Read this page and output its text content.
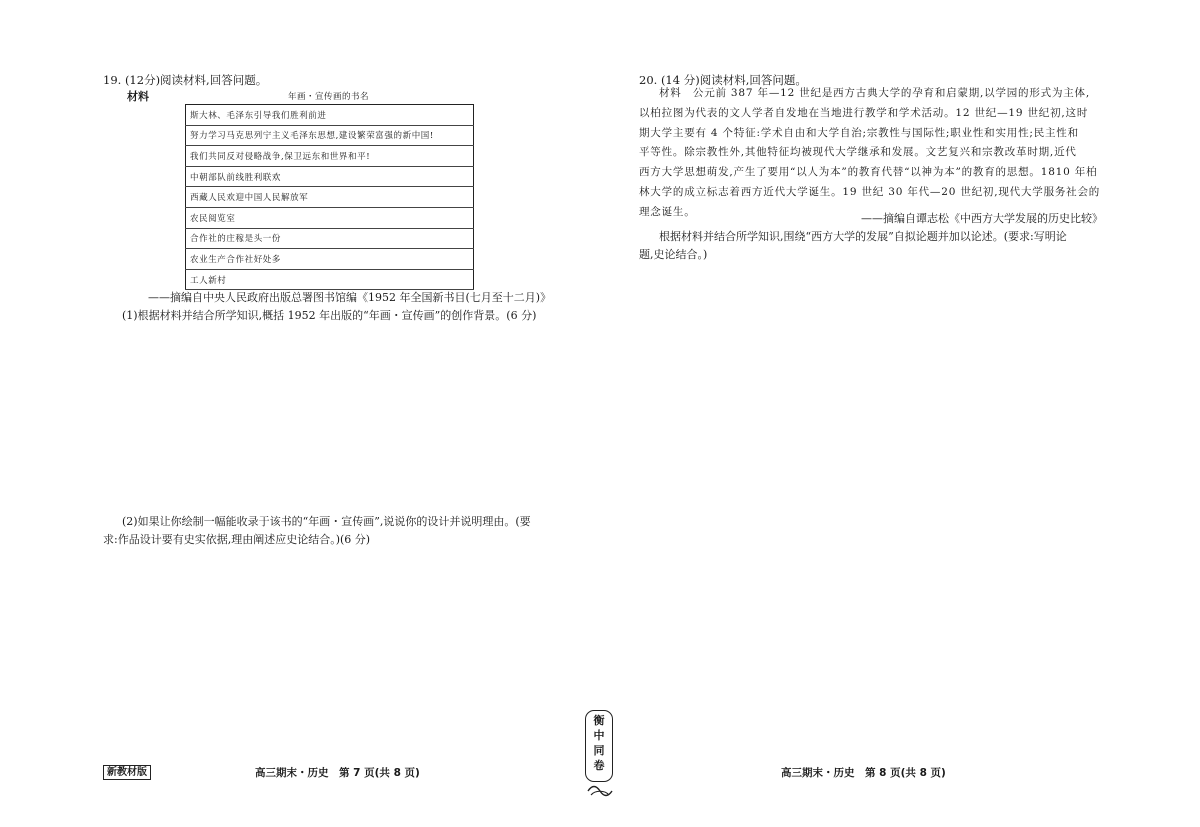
19. (12分)阅读材料,回答问题。
材料	年画・宣传画的书名
斯大林、毛泽东引导我们胜利前进
努力学习马克思列宁主义毛泽东思想,建设繁荣富强的新中国!
我们共同反对侵略战争,保卫远东和世界和平!
中朝部队前线胜利联欢
西藏人民欢迎中国人民解放军
农民阅览室
合作社的庄稼是头一份
农业生产合作社好处多
工人新村
——摘编自中央人民政府出版总署图书馆编《1952 年全国新书目(七月至十二月)》
(1)根据材料并结合所学知识,概括 1952 年出版的“年画・宣传画”的创作背景。(6 分)
(2)如果让你绘制一幅能收录于该书的“年画・宣传画”,说说你的设计并说明理由。(要
求:作品设计要有史实依据,理由阐述应史论结合。)(6 分)
20. (14 分)阅读材料,回答问题。

材料　公元前 387 年—12 世纪是西方古典大学的孕育和启蒙期,以学园的形式为主体,

以柏拉图为代表的文人学者自发地在当地进行教学和学术活动。12 世纪—19 世纪初,这时

期大学主要有 4 个特征:学术自由和大学自治;宗教性与国际性;职业性和实用性;民主性和

平等性。除宗教性外,其他特征均被现代大学继承和发展。文艺复兴和宗教改革时期,近代

西方大学思想萌发,产生了要用“以人为本”的教育代替“以神为本”的教育的思想。1810 年柏

林大学的成立标志着西方近代大学诞生。19 世纪 30 年代—20 世纪初,现代大学服务社会的

理念诞生。

——摘编自谭志松《中西方大学发展的历史比较》
根据材料并结合所学知识,围绕“西方大学的发展”自拟论题并加以论述。(要求:写明论
题,史论结合。)
衡
中
同
卷
新教材版	高三期末・历史　第 7 页(共 8 页)	高三期末・历史　第 8 页(共 8 页)
